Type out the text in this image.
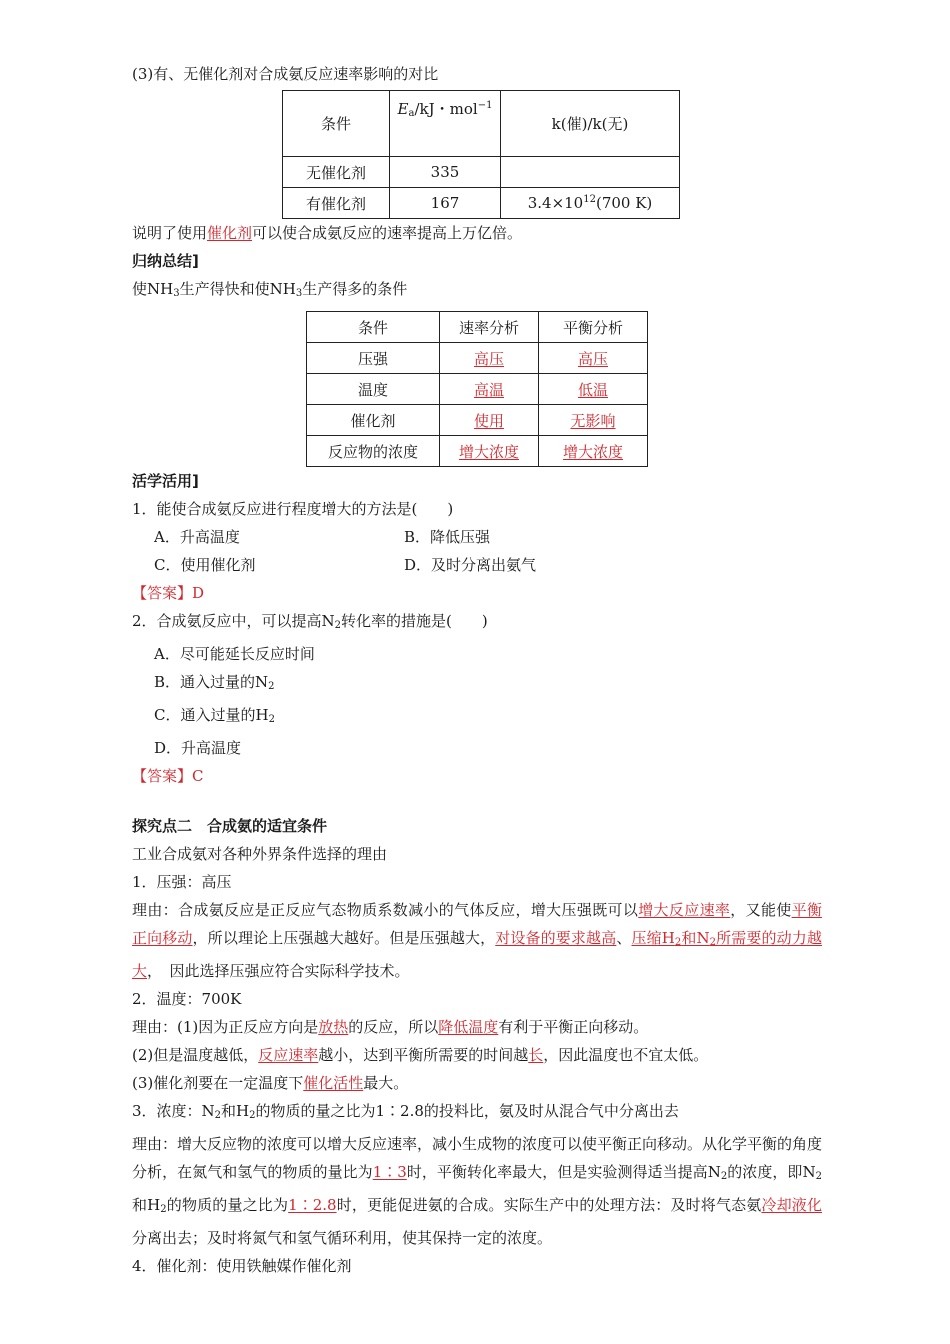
(3)有、无催化剂对合成氨反应速率影响的对比
条件	$E_a/kJ$・mol$^{-1}$	k(催)/k(无)
无催化剂	335	
有催化剂	167	$3.4\times 10^{12}(700$ K)
说明了使用催化剂可以使合成氨反应的速率提高上万亿倍。
归纳总结]
使$NH_3$生产得快和使$NH_3$生产得多的条件
条件	速率分析	平衡分析
压强	高压	高压
温度	高温	低温
催化剂	使用	无影响
反应物的浓度	增大浓度	增大浓度
活学活用]
1．能使合成氨反应进行程度增大的方法是(　　)
A．升高温度	B．降低压强
C．使用催化剂	D．及时分离出氨气
【答案】D
2．合成氨反应中，可以提高$N_2$转化率的措施是(　　)
A．尽可能延长反应时间
B．通入过量的$N_2$
C．通入过量的$H_2$
D．升高温度
【答案】C
探究点二　合成氨的适宜条件
工业合成氨对各种外界条件选择的理由
1．压强：高压
理由：合成氨反应是正反应气态物质系数减小的气体反应，增大压强既可以增大反应速率，又能使平衡正向移动，所以理论上压强越大越好。但是压强越大，对设备的要求越高、压缩$H_2$和$N_2$所需要的动力越大，　因此选择压强应符合实际科学技术。
2．温度：700K
理由：(1)因为正反应方向是放热的反应，所以降低温度有利于平衡正向移动。
(2)但是温度越低，反应速率越小，达到平衡所需要的时间越长，因此温度也不宜太低。
(3)催化剂要在一定温度下催化活性最大。
3．浓度：$N_2$和$H_2$的物质的量之比为1∶2.8的投料比，氨及时从混合气中分离出去
理由：增大反应物的浓度可以增大反应速率，减小生成物的浓度可以使平衡正向移动。从化学平衡的角度分析，在氮气和氢气的物质的量比为1∶3时，平衡转化率最大，但是实验测得适当提高$N_2$的浓度，即$N_2$和$H_2$的物质的量之比为1∶2.8时，更能促进氨的合成。实际生产中的处理方法：及时将气态氨冷却液化分离出去；及时将氮气和氢气循环利用，使其保持一定的浓度。
4．催化剂：使用铁触媒作催化剂
